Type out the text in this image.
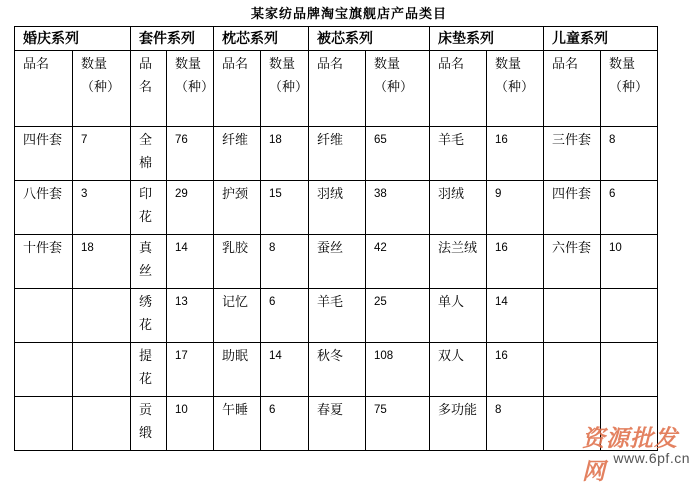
某家纺品牌淘宝旗舰店产品类目
婚庆系列		套件系列		枕芯系列		被芯系列		床垫系列		儿童系列	
品名	数量（种）	品名	数量（种）	品名	数量（种）	品名	数量（种）	品名	数量（种）	品名	数量（种）
四件套	7	全棉	76	纤维	18	纤维	65	羊毛	16	三件套	8
八件套	3	印花	29	护颈	15	羽绒	38	羽绒	9	四件套	6
十件套	18	真丝	14	乳胶	8	蚕丝	42	法兰绒	16	六件套	10
		绣花	13	记忆	6	羊毛	25	单人	14		
		提花	17	助眠	14	秋冬	108	双人	16		
		贡缎	10	午睡	6	春夏	75	多功能	8		
资源批发网 www.6pf.cn
